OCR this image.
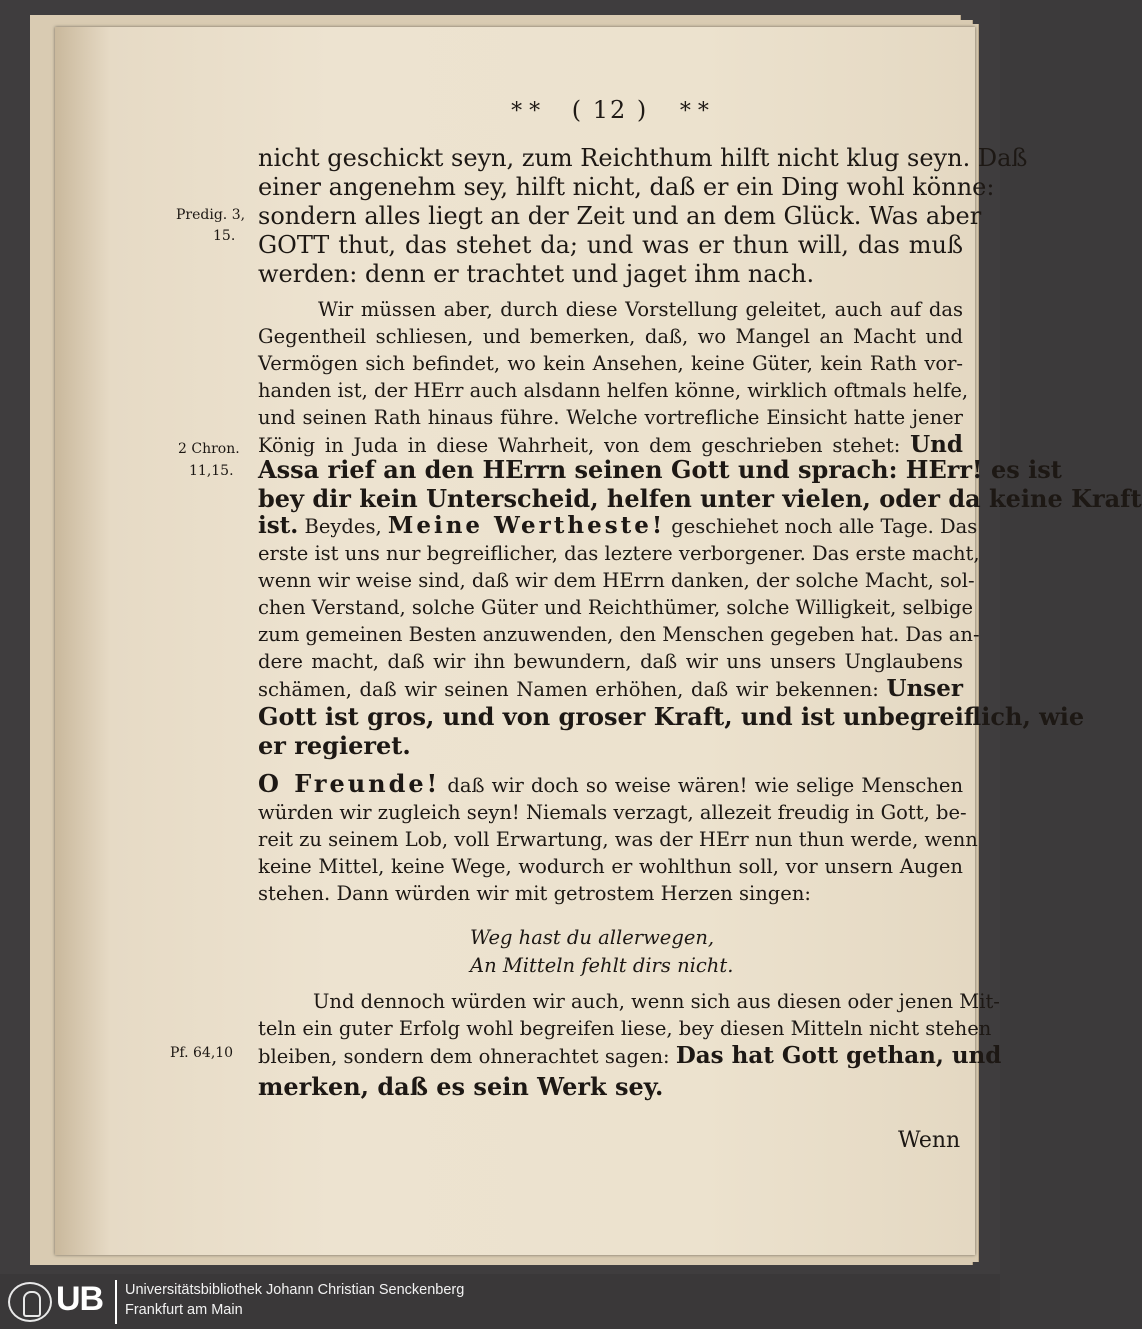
* * ( 12 ) * *
Predig. 3,
15.
2 Chron.
11,15.
Pf. 64,10
nicht geschickt seyn, zum Reichthum hilft nicht klug seyn. Daß
einer angenehm sey, hilft nicht, daß er ein Ding wohl könne:
sondern alles liegt an der Zeit und an dem Glück. Was aber
GOTT thut, das stehet da; und was er thun will, das muß
werden: denn er trachtet und jaget ihm nach.
Wir müssen aber, durch diese Vorstellung geleitet, auch auf das
Gegentheil schliesen, und bemerken, daß, wo Mangel an Macht und
Vermögen sich befindet, wo kein Ansehen, keine Güter, kein Rath vor-
handen ist, der HErr auch alsdann helfen könne, wirklich oftmals helfe,
und seinen Rath hinaus führe. Welche vortrefliche Einsicht hatte jener
König in Juda in diese Wahrheit, von dem geschrieben stehet: Und
Assa rief an den HErrn seinen Gott und sprach: HErr! es ist
bey dir kein Unterscheid, helfen unter vielen, oder da keine Kraft
ist. Beydes, Meine Wertheste! geschiehet noch alle Tage. Das
erste ist uns nur begreiflicher, das leztere verborgener. Das erste macht,
wenn wir weise sind, daß wir dem HErrn danken, der solche Macht, sol-
chen Verstand, solche Güter und Reichthümer, solche Willigkeit, selbige
zum gemeinen Besten anzuwenden, den Menschen gegeben hat. Das an-
dere macht, daß wir ihn bewundern, daß wir uns unsers Unglaubens
schämen, daß wir seinen Namen erhöhen, daß wir bekennen: Unser
Gott ist gros, und von groser Kraft, und ist unbegreiflich, wie
er regieret.
O Freunde! daß wir doch so weise wären! wie selige Menschen
würden wir zugleich seyn! Niemals verzagt, allezeit freudig in Gott, be-
reit zu seinem Lob, voll Erwartung, was der HErr nun thun werde, wenn
keine Mittel, keine Wege, wodurch er wohlthun soll, vor unsern Augen
stehen. Dann würden wir mit getrostem Herzen singen:
Weg hast du allerwegen,
An Mitteln fehlt dirs nicht.
Und dennoch würden wir auch, wenn sich aus diesen oder jenen Mit-
teln ein guter Erfolg wohl begreifen liese, bey diesen Mitteln nicht stehen
bleiben, sondern dem ohnerachtet sagen: Das hat Gott gethan, und
merken, daß es sein Werk sey.
Wenn
UB Universitätsbibliothek Johann Christian Senckenberg
Frankfurt am Main
